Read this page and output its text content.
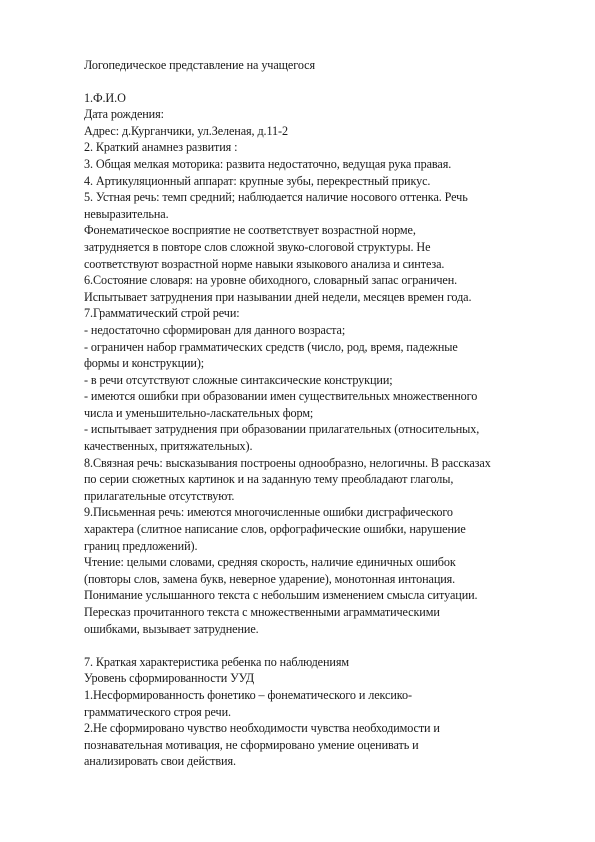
Логопедическое представление на учащегося
1.Ф.И.О
Дата рождения:
Адрес: д.Курганчики, ул.Зеленая, д.11-2
2. Краткий анамнез развития :
3. Общая мелкая моторика: развита недостаточно, ведущая рука правая.
4. Артикуляционный аппарат: крупные зубы, перекрестный прикус.
5. Устная речь: темп средний; наблюдается наличие носового оттенка. Речь
невыразительна.
Фонематическое восприятие не соответствует возрастной норме,
затрудняется в повторе слов сложной звуко-слоговой структуры. Не
соответствуют возрастной норме навыки языкового анализа и синтеза.
6.Состояние словаря: на уровне обиходного, словарный запас ограничен.
Испытывает затруднения при назывании дней недели, месяцев времен года.
7.Грамматический строй речи:
- недостаточно сформирован для данного возраста;
- ограничен набор грамматических средств (число, род, время, падежные
формы и конструкции);
- в речи отсутствуют сложные синтаксические конструкции;
- имеются ошибки при образовании имен существительных множественного
числа и уменьшительно-ласкательных форм;
- испытывает затруднения при образовании прилагательных (относительных,
качественных, притяжательных).
8.Связная речь: высказывания построены однообразно, нелогичны. В рассказах
по серии сюжетных картинок и на заданную тему преобладают глаголы,
прилагательные отсутствуют.
9.Письменная речь: имеются многочисленные ошибки дисграфического
характера (слитное написание слов, орфографические ошибки, нарушение
границ предложений).
Чтение: целыми словами, средняя скорость, наличие единичных ошибок
(повторы слов, замена букв, неверное ударение), монотонная интонация.
Понимание услышанного текста с небольшим изменением смысла ситуации.
Пересказ прочитанного текста с множественными аграмматическими
ошибками, вызывает затруднение.
7. Краткая характеристика ребенка по наблюдениям
Уровень сформированности УУД
1.Несформированность фонетико – фонематического и лексико-
грамматического строя речи.
2.Не сформировано чувство необходимости чувства необходимости и
познавательная мотивация, не сформировано умение оценивать и
анализировать свои действия.
